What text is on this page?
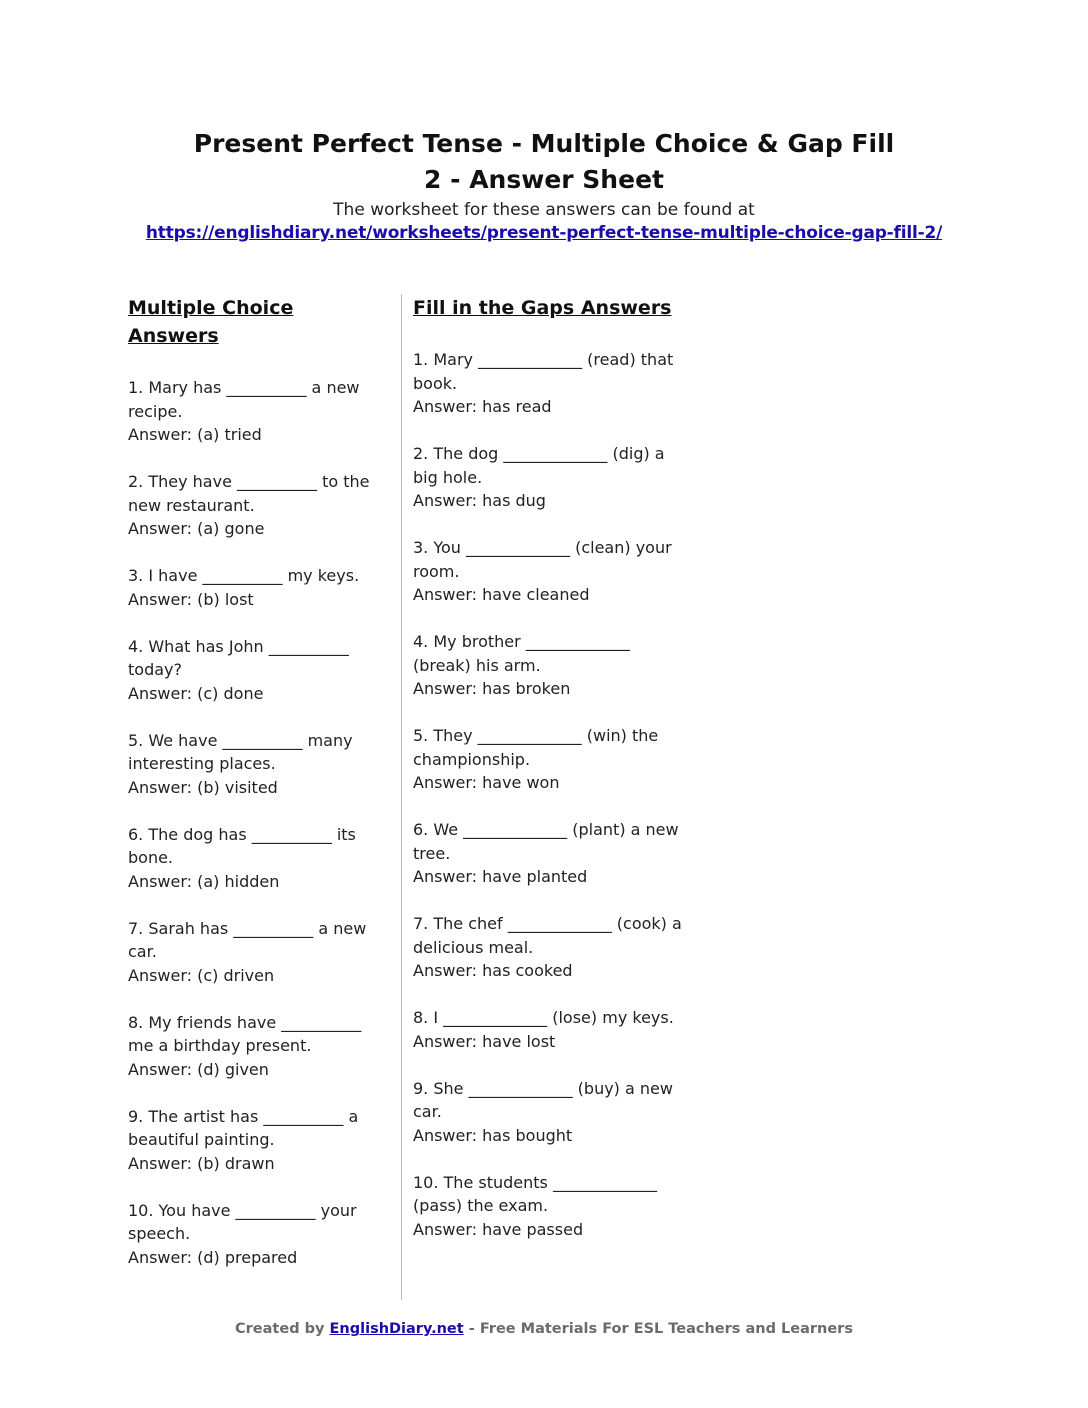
Present Perfect Tense - Multiple Choice & Gap Fill 2 - Answer Sheet
The worksheet for these answers can be found at
https://englishdiary.net/worksheets/present-perfect-tense-multiple-choice-gap-fill-2/
Multiple Choice Answers
1. Mary has __________ a new recipe.
Answer: (a) tried
2. They have __________ to the new restaurant.
Answer: (a) gone
3. I have __________ my keys.
Answer: (b) lost
4. What has John __________ today?
Answer: (c) done
5. We have __________ many interesting places.
Answer: (b) visited
6. The dog has __________ its bone.
Answer: (a) hidden
7. Sarah has __________ a new car.
Answer: (c) driven
8. My friends have __________ me a birthday present.
Answer: (d) given
9. The artist has __________ a beautiful painting.
Answer: (b) drawn
10. You have __________ your speech.
Answer: (d) prepared
Fill in the Gaps Answers
1. Mary _____________ (read) that book.
Answer: has read
2. The dog _____________ (dig) a big hole.
Answer: has dug
3. You _____________ (clean) your room.
Answer: have cleaned
4. My brother _____________ (break) his arm.
Answer: has broken
5. They _____________ (win) the championship.
Answer: have won
6. We _____________ (plant) a new tree.
Answer: have planted
7. The chef _____________ (cook) a delicious meal.
Answer: has cooked
8. I _____________ (lose) my keys.
Answer: have lost
9. She _____________ (buy) a new car.
Answer: has bought
10. The students _____________ (pass) the exam.
Answer: have passed
Created by EnglishDiary.net - Free Materials For ESL Teachers and Learners
